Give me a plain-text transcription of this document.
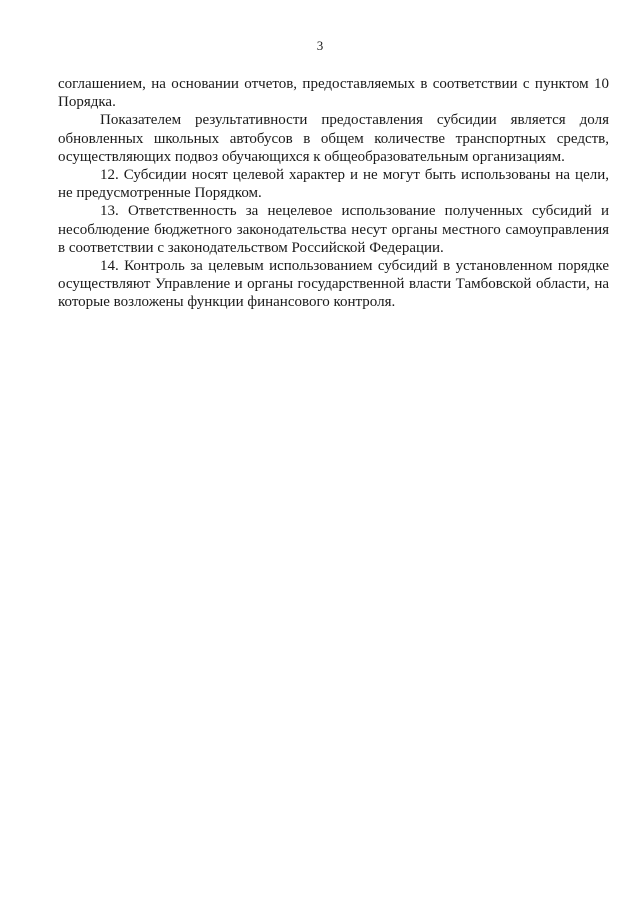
3

соглашением, на основании отчетов, предоставляемых в соответствии с пунктом 10 Порядка.

Показателем результативности предоставления субсидии является доля обновленных школьных автобусов в общем количестве транспортных средств, осуществляющих подвоз обучающихся к общеобразовательным организациям.

12. Субсидии носят целевой характер и не могут быть использованы на цели, не предусмотренные Порядком.

13. Ответственность за нецелевое использование полученных субсидий и несоблюдение бюджетного законодательства несут органы местного самоуправления в соответствии с законодательством Российской Федерации.

14. Контроль за целевым использованием субсидий в установленном порядке осуществляют Управление и органы государственной власти Тамбовской области, на которые возложены функции финансового контроля.
